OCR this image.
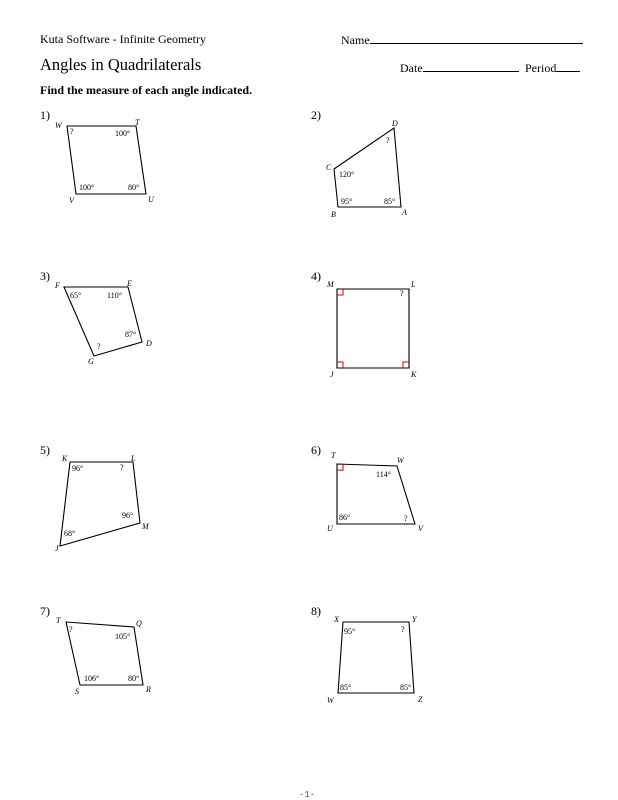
Kuta Software - Infinite Geometry	Name
Angles in Quadrilaterals	Date	Period
Find the measure of each angle indicated.
1)	2)
3)	4)
5)	6)
7)	8)
W	T
U
V
?	100°
80°
100°
C
D
A
B
120°
?
85°
95°
F	E
D
G
65°	110°
87°
?
M	L
K
J
?
K	L
M
J
96°	?
96°
68°
T
W
V
U
114°
?
86°
T	Q
R
S
?
105°
80°
106°
X	Y
Z
W
95°	?
85°
85°
-1-
